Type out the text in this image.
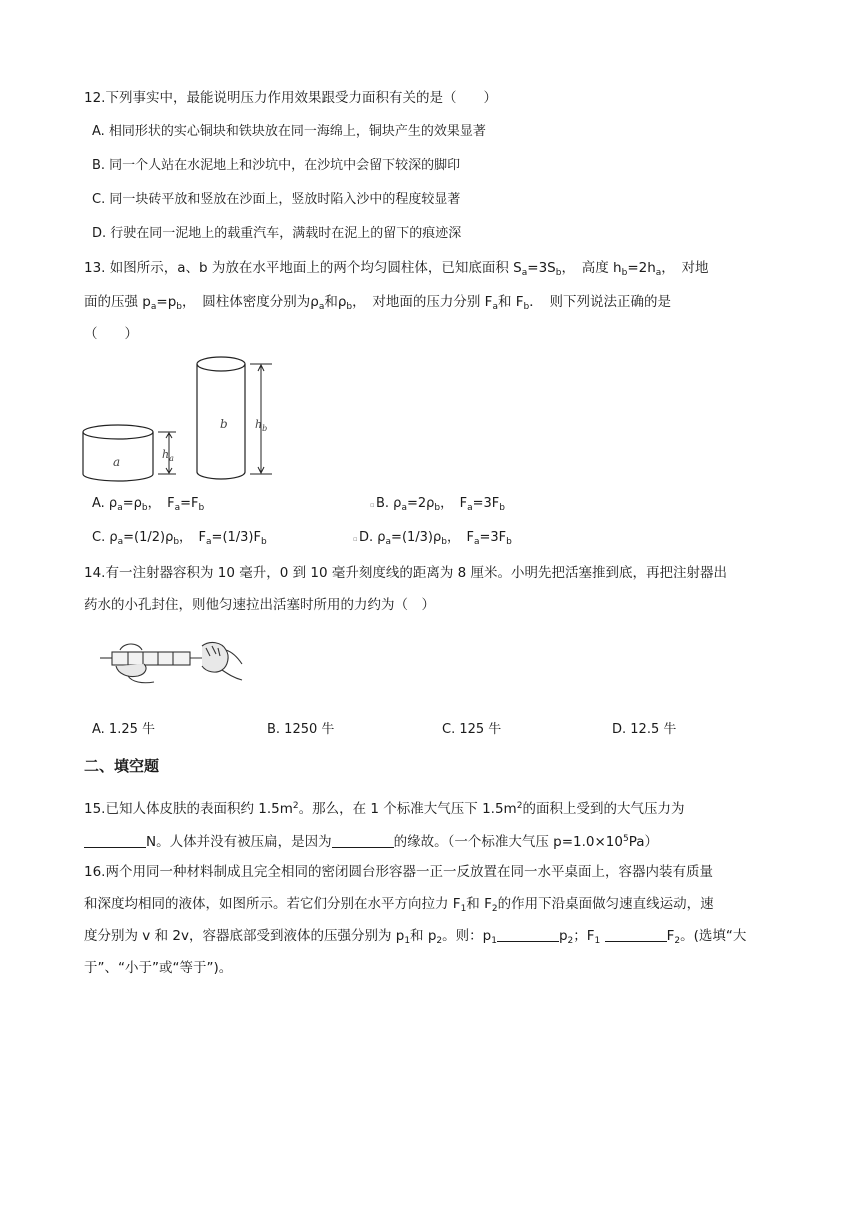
12.下列事实中，最能说明压力作用效果跟受力面积有关的是（　　）
A. 相同形状的实心铜块和铁块放在同一海绵上，铜块产生的效果显著
B. 同一个人站在水泥地上和沙坑中，在沙坑中会留下较深的脚印
C. 同一块砖平放和竖放在沙面上，竖放时陷入沙中的程度较显著
D. 行驶在同一泥地上的载重汽车，满载时在泥上的留下的痕迹深
13. 如图所示，a、b 为放在水平地面上的两个均匀圆柱体，已知底面积 $S_a=3S_b$，　高度 $h_b=2h_a$，　对地
面的压强 $p_a=p_b$，　圆柱体密度分别为$\rho_a$和$\rho_b$，　对地面的压力分别 $F_a$和 $F_b$．　则下列说法正确的是
（　　）
a
$h_a$
b $h_b$
A. $\rho_a=\rho_b$，　$F_a=F_b$	▫ B. $\rho_a=2\rho_b$，　$F_a=3F_b$
C. $\rho_a=(1/2)\rho_b$，　$F_a=(1/3)F_b$	▫ D. $\rho_a=(1/3)\rho_b$，　$F_a=3F_b$
14.有一注射器容积为 10 毫升，0 到 10 毫升刻度线的距离为 8 厘米。小明先把活塞推到底，再把注射器出
药水的小孔封住，则他匀速拉出活塞时所用的力约为（　）
A. 1.25 牛	B. 1250 牛	C. 125 牛	D. 12.5 牛
二、填空题
15.已知人体皮肤的表面积约 $1.5m^2$。那么，在 1 个标准大气压下 $1.5m^2$的面积上受到的大气压力为
N。人体并没有被压扁，是因为	的缘故。（一个标准大气压 $p=1.0\times 10^5Pa$）
16.两个用同一种材料制成且完全相同的密闭圆台形容器一正一反放置在同一水平桌面上，容器内装有质量
和深度均相同的液体，如图所示。若它们分别在水平方向拉力 $F_1$和 $F_2$的作用下沿桌面做匀速直线运动，速
度分别为 v 和 2v，容器底部受到液体的压强分别为 $p_1$和 $p_2$。则：$p_1$	$p_2$；$F_1$	$F_2$。(选填“大
于”、“小于”或“等于”)。
